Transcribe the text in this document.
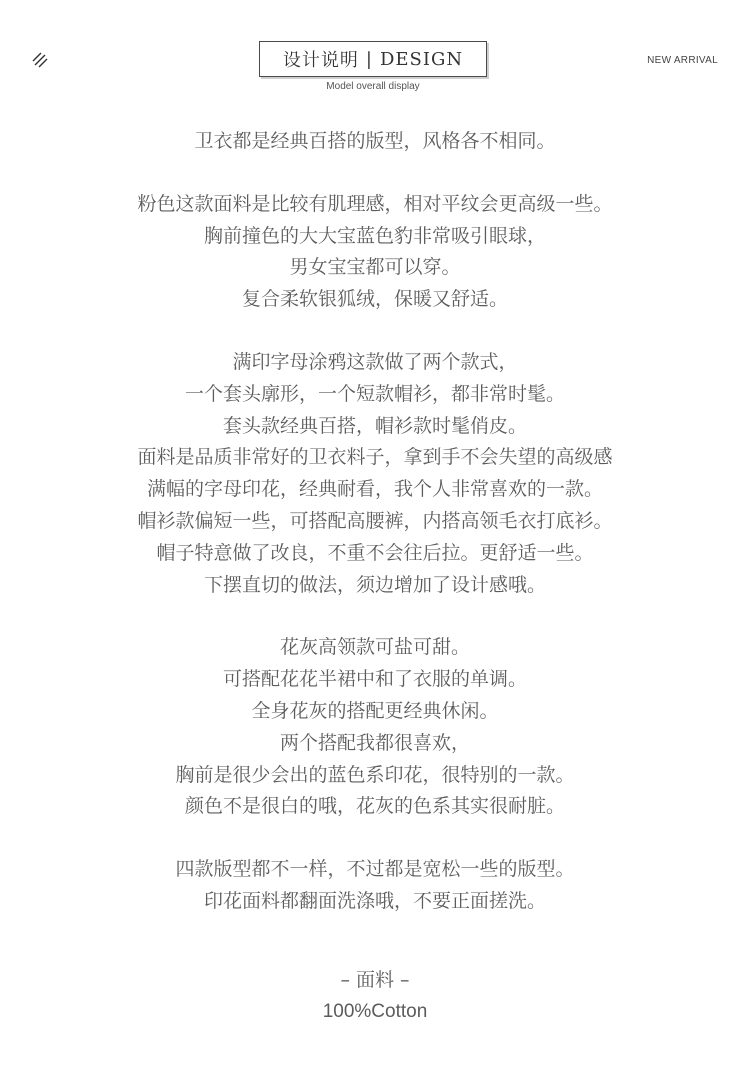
设计说明 | DESIGN
Model overall display
NEW ARRIVAL
卫衣都是经典百搭的版型，风格各不相同。
粉色这款面料是比较有肌理感，相对平纹会更高级一些。
胸前撞色的大大宝蓝色豹非常吸引眼球，
男女宝宝都可以穿。
复合柔软银狐绒，保暖又舒适。
满印字母涂鸦这款做了两个款式，
一个套头廓形，一个短款帽衫，都非常时髦。
套头款经典百搭，帽衫款时髦俏皮。
面料是品质非常好的卫衣料子，拿到手不会失望的高级感
满幅的字母印花，经典耐看，我个人非常喜欢的一款。
帽衫款偏短一些，可搭配高腰裤，内搭高领毛衣打底衫。
帽子特意做了改良，不重不会往后拉。更舒适一些。
下摆直切的做法，须边增加了设计感哦。
花灰高领款可盐可甜。
可搭配花花半裙中和了衣服的单调。
全身花灰的搭配更经典休闲。
两个搭配我都很喜欢，
胸前是很少会出的蓝色系印花，很特别的一款。
颜色不是很白的哦，花灰的色系其实很耐脏。
四款版型都不一样，不过都是宽松一些的版型。
印花面料都翻面洗涤哦，不要正面搓洗。
– 面料 –
100%Cotton
